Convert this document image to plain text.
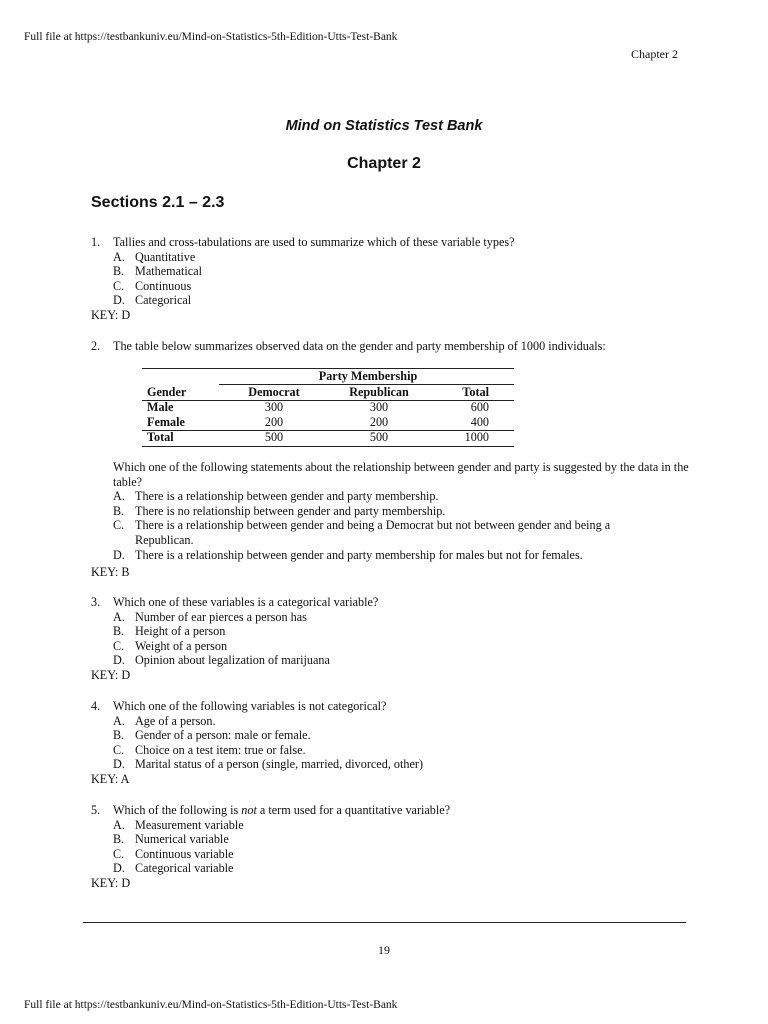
Full file at https://testbankuniv.eu/Mind-on-Statistics-5th-Edition-Utts-Test-Bank
Chapter 2
Mind on Statistics Test Bank
Chapter 2
Sections 2.1 – 2.3
1.	Tallies and cross-tabulations are used to summarize which of these variable types?
A. Quantitative
B. Mathematical
C. Continuous
D. Categorical
KEY: D
2.	The table below summarizes observed data on the gender and party membership of 1000 individuals:
Party Membership
Gender	Democrat	Republican	Total
Male	300	300	600
Female	200	200	400
Total	500	500	1000
Which one of the following statements about the relationship between gender and party is suggested by the data in the table?
A. There is a relationship between gender and party membership.
B. There is no relationship between gender and party membership.
C. There is a relationship between gender and being a Democrat but not between gender and being a Republican.
D. There is a relationship between gender and party membership for males but not for females.
KEY: B
3.	Which one of these variables is a categorical variable?
A. Number of ear pierces a person has
B. Height of a person
C. Weight of a person
D. Opinion about legalization of marijuana
KEY: D
4.	Which one of the following variables is not categorical?
A. Age of a person.
B. Gender of a person: male or female.
C. Choice on a test item: true or false.
D. Marital status of a person (single, married, divorced, other)
KEY: A
5.	Which of the following is not a term used for a quantitative variable?
A. Measurement variable
B. Numerical variable
C. Continuous variable
D. Categorical variable
KEY: D
19
Full file at https://testbankuniv.eu/Mind-on-Statistics-5th-Edition-Utts-Test-Bank
